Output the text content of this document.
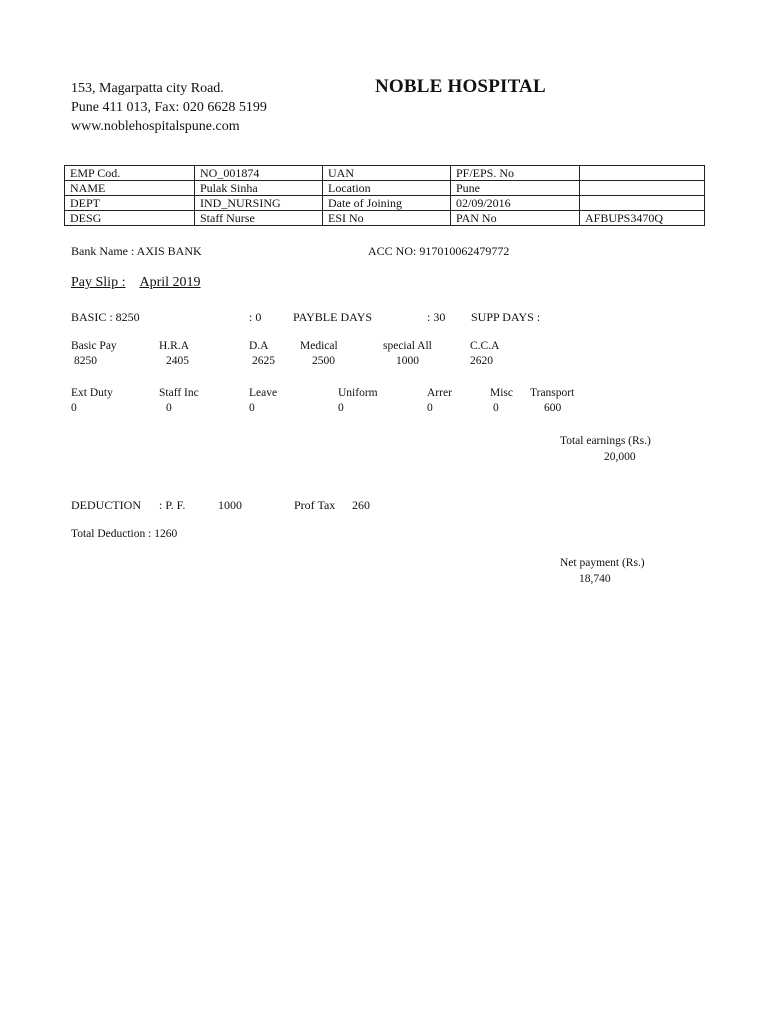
153, Magarpatta city Road.
Pune 411 013, Fax: 020 6628 5199
www.noblehospitalspune.com
NOBLE HOSPITAL
EMP Cod.	NO_001874	UAN	PF/EPS. No	
NAME	Pulak Sinha	Location	Pune	
DEPT	IND_NURSING	Date of Joining	02/09/2016	
DESG	Staff Nurse	ESI No	PAN No	AFBUPS3470Q
Bank Name : AXIS BANK	ACC NO: 917010062479772
Pay Slip : April 2019
BASIC : 8250	: 0	PAYBLE DAYS	: 30 SUPP DAYS :
Basic Pay	H.R.A	D.A	Medical	special All	C.C.A
8250	2405	2625	2500	1000	2620
Ext Duty	Staff Inc	Leave	Uniform	Arrer	Misc Transport
0	0	0	0	0	0	600
Total earnings (Rs.)
20,000
DEDUCTION : P. F.	1000	Prof Tax 260
Total Deduction : 1260
Net payment (Rs.)
18,740
